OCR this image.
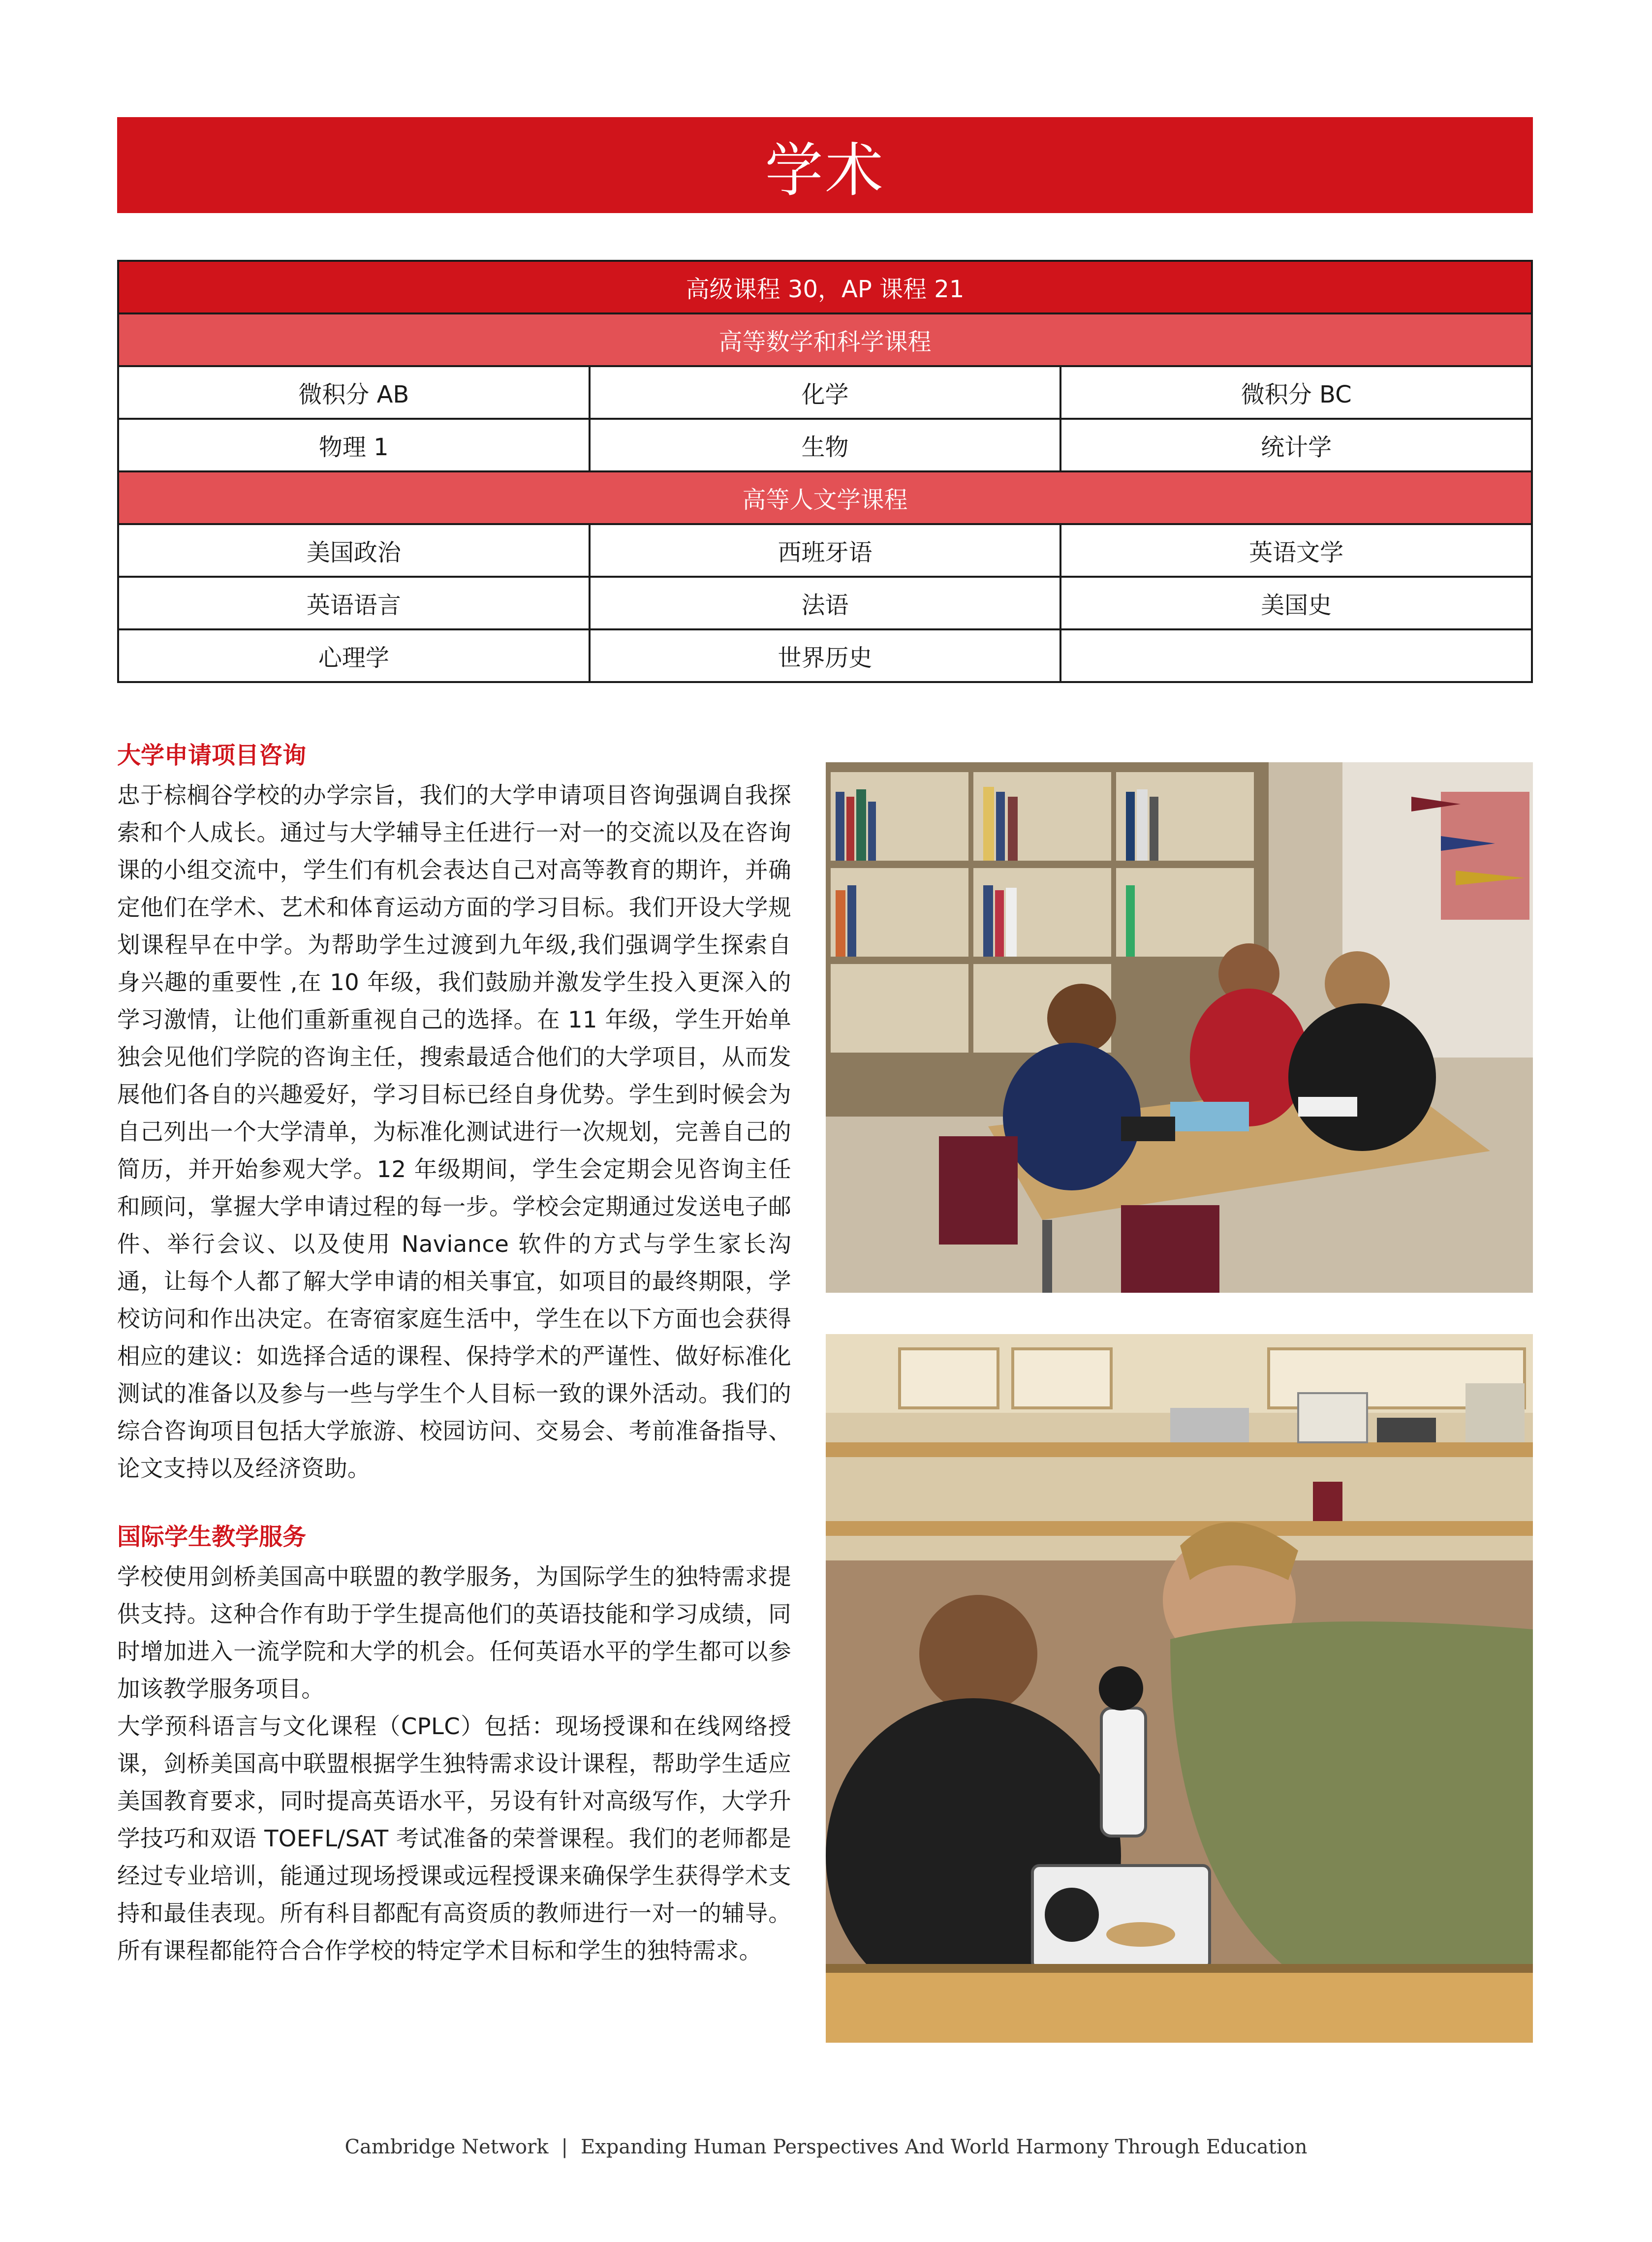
学术
高级课程 30，AP 课程 21		
高等数学和科学课程		
微积分 AB	化学	微积分 BC
物理 1	生物	统计学
高等人文学课程		
美国政治	西班牙语	英语文学
英语语言	法语	美国史
心理学	世界历史	
大学申请项目咨询

忠于棕榈谷学校的办学宗旨，我们的大学申请项目咨询强调自我探索和个人成长。通过与大学辅导主任进行一对一的交流以及在咨询课的小组交流中，学生们有机会表达自己对高等教育的期许，并确定他们在学术、艺术和体育运动方面的学习目标。我们开设大学规划课程早在中学。为帮助学生过渡到九年级,我们强调学生探索自身兴趣的重要性 ,在 10 年级，我们鼓励并激发学生投入更深入的学习激情，让他们重新重视自己的选择。在 11 年级，学生开始单独会见他们学院的咨询主任，搜索最适合他们的大学项目，从而发展他们各自的兴趣爱好，学习目标已经自身优势。学生到时候会为自己列出一个大学清单，为标准化测试进行一次规划，完善自己的简历，并开始参观大学。12 年级期间，学生会定期会见咨询主任和顾问，掌握大学申请过程的每一步。学校会定期通过发送电子邮件、举行会议、以及使用 Naviance 软件的方式与学生家长沟通，让每个人都了解大学申请的相关事宜，如项目的最终期限，学校访问和作出决定。在寄宿家庭生活中，学生在以下方面也会获得相应的建议：如选择合适的课程、保持学术的严谨性、做好标准化测试的准备以及参与一些与学生个人目标一致的课外活动。我们的综合咨询项目包括大学旅游、校园访问、交易会、考前准备指导、论文支持以及经济资助。

国际学生教学服务

学校使用剑桥美国高中联盟的教学服务，为国际学生的独特需求提供支持。这种合作有助于学生提高他们的英语技能和学习成绩，同时增加进入一流学院和大学的机会。任何英语水平的学生都可以参加该教学服务项目。

大学预科语言与文化课程（CPLC）包括：现场授课和在线网络授课，剑桥美国高中联盟根据学生独特需求设计课程，帮助学生适应美国教育要求，同时提高英语水平，另设有针对高级写作，大学升学技巧和双语 TOEFL/SAT 考试准备的荣誉课程。我们的老师都是经过专业培训，能通过现场授课或远程授课来确保学生获得学术支持和最佳表现。所有科目都配有高资质的教师进行一对一的辅导。所有课程都能符合合作学校的特定学术目标和学生的独特需求。

Cambridge Network | Expanding Human Perspectives And World Harmony Through Education
